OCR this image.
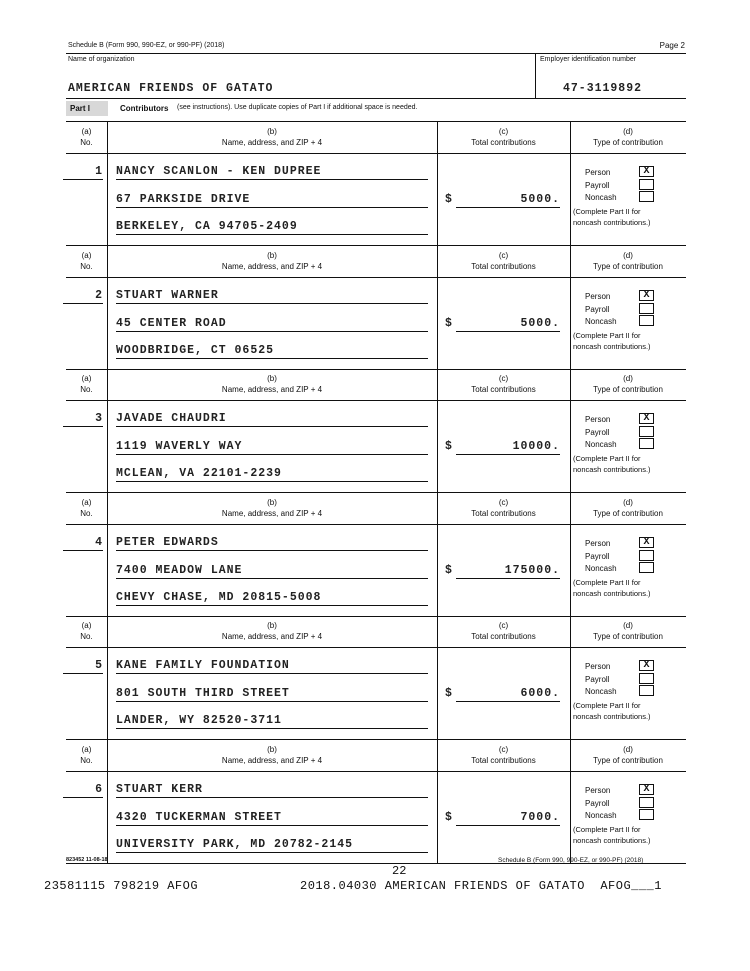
Schedule B (Form 990, 990-EZ, or 990-PF) (2018)	Page 2
Name of organization	Employer identification number
AMERICAN FRIENDS OF GATATO	47-3119892
Part I	Contributors (see instructions). Use duplicate copies of Part I if additional space is needed.
(a)
No.
(b)
Name, address, and ZIP + 4
(c)
Total contributions
(d)
Type of contribution
1 NANCY SCANLON - KEN DUPREE
67 PARKSIDE DRIVE
BERKELEY, CA 94705-2409
$	5000.
Person	X
Payroll
Noncash
(Complete Part II for
noncash contributions.)
(a)
No.
(b)
Name, address, and ZIP + 4
(c)
Total contributions
(d)
Type of contribution
2 STUART WARNER
45 CENTER ROAD
WOODBRIDGE, CT 06525
$	5000.
Person	X
Payroll
Noncash
(Complete Part II for
noncash contributions.)
(a)
No.
(b)
Name, address, and ZIP + 4
(c)
Total contributions
(d)
Type of contribution
3 JAVADE CHAUDRI
1119 WAVERLY WAY
MCLEAN, VA 22101-2239
$	10000.
Person	X
Payroll
Noncash
(Complete Part II for
noncash contributions.)
(a)
No.
(b)
Name, address, and ZIP + 4
(c)
Total contributions
(d)
Type of contribution
4 PETER EDWARDS
7400 MEADOW LANE
CHEVY CHASE, MD 20815-5008
$	175000.
Person	X
Payroll
Noncash
(Complete Part II for
noncash contributions.)
(a)
No.
(b)
Name, address, and ZIP + 4
(c)
Total contributions
(d)
Type of contribution
5 KANE FAMILY FOUNDATION
801 SOUTH THIRD STREET
LANDER, WY 82520-3711
$	6000.
Person	X
Payroll
Noncash
(Complete Part II for
noncash contributions.)
(a)
No.
(b)
Name, address, and ZIP + 4
(c)
Total contributions
(d)
Type of contribution
6 STUART KERR
4320 TUCKERMAN STREET
UNIVERSITY PARK, MD 20782-2145
$	7000.
Person	X
Payroll
Noncash
(Complete Part II for
noncash contributions.)
823452 11-08-18	Schedule B (Form 990, 990-EZ, or 990-PF) (2018)
22
23581115 798219 AFOG	2018.04030 AMERICAN FRIENDS OF GATATO  AFOG___1
